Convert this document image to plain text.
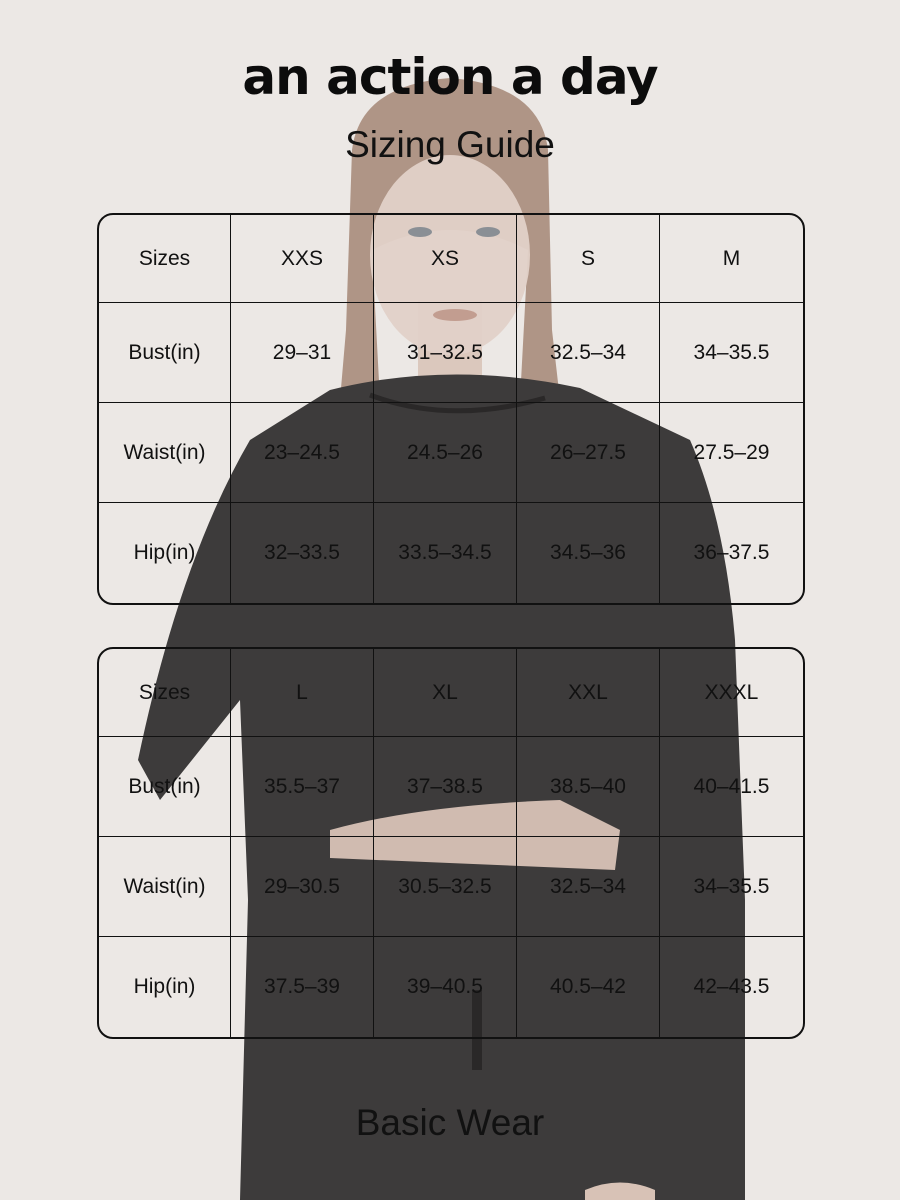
an action a day
Sizing Guide
Sizes	XXS	XS	S	M
Bust(in)	29–31	31–32.5	32.5–34	34–35.5
Waist(in)	23–24.5	24.5–26	26–27.5	27.5–29
Hip(in)	32–33.5	33.5–34.5	34.5–36	36–37.5
Sizes	L	XL	XXL	XXXL
Bust(in)	35.5–37	37–38.5	38.5–40	40–41.5
Waist(in)	29–30.5	30.5–32.5	32.5–34	34–35.5
Hip(in)	37.5–39	39–40.5	40.5–42	42–43.5
Basic Wear
